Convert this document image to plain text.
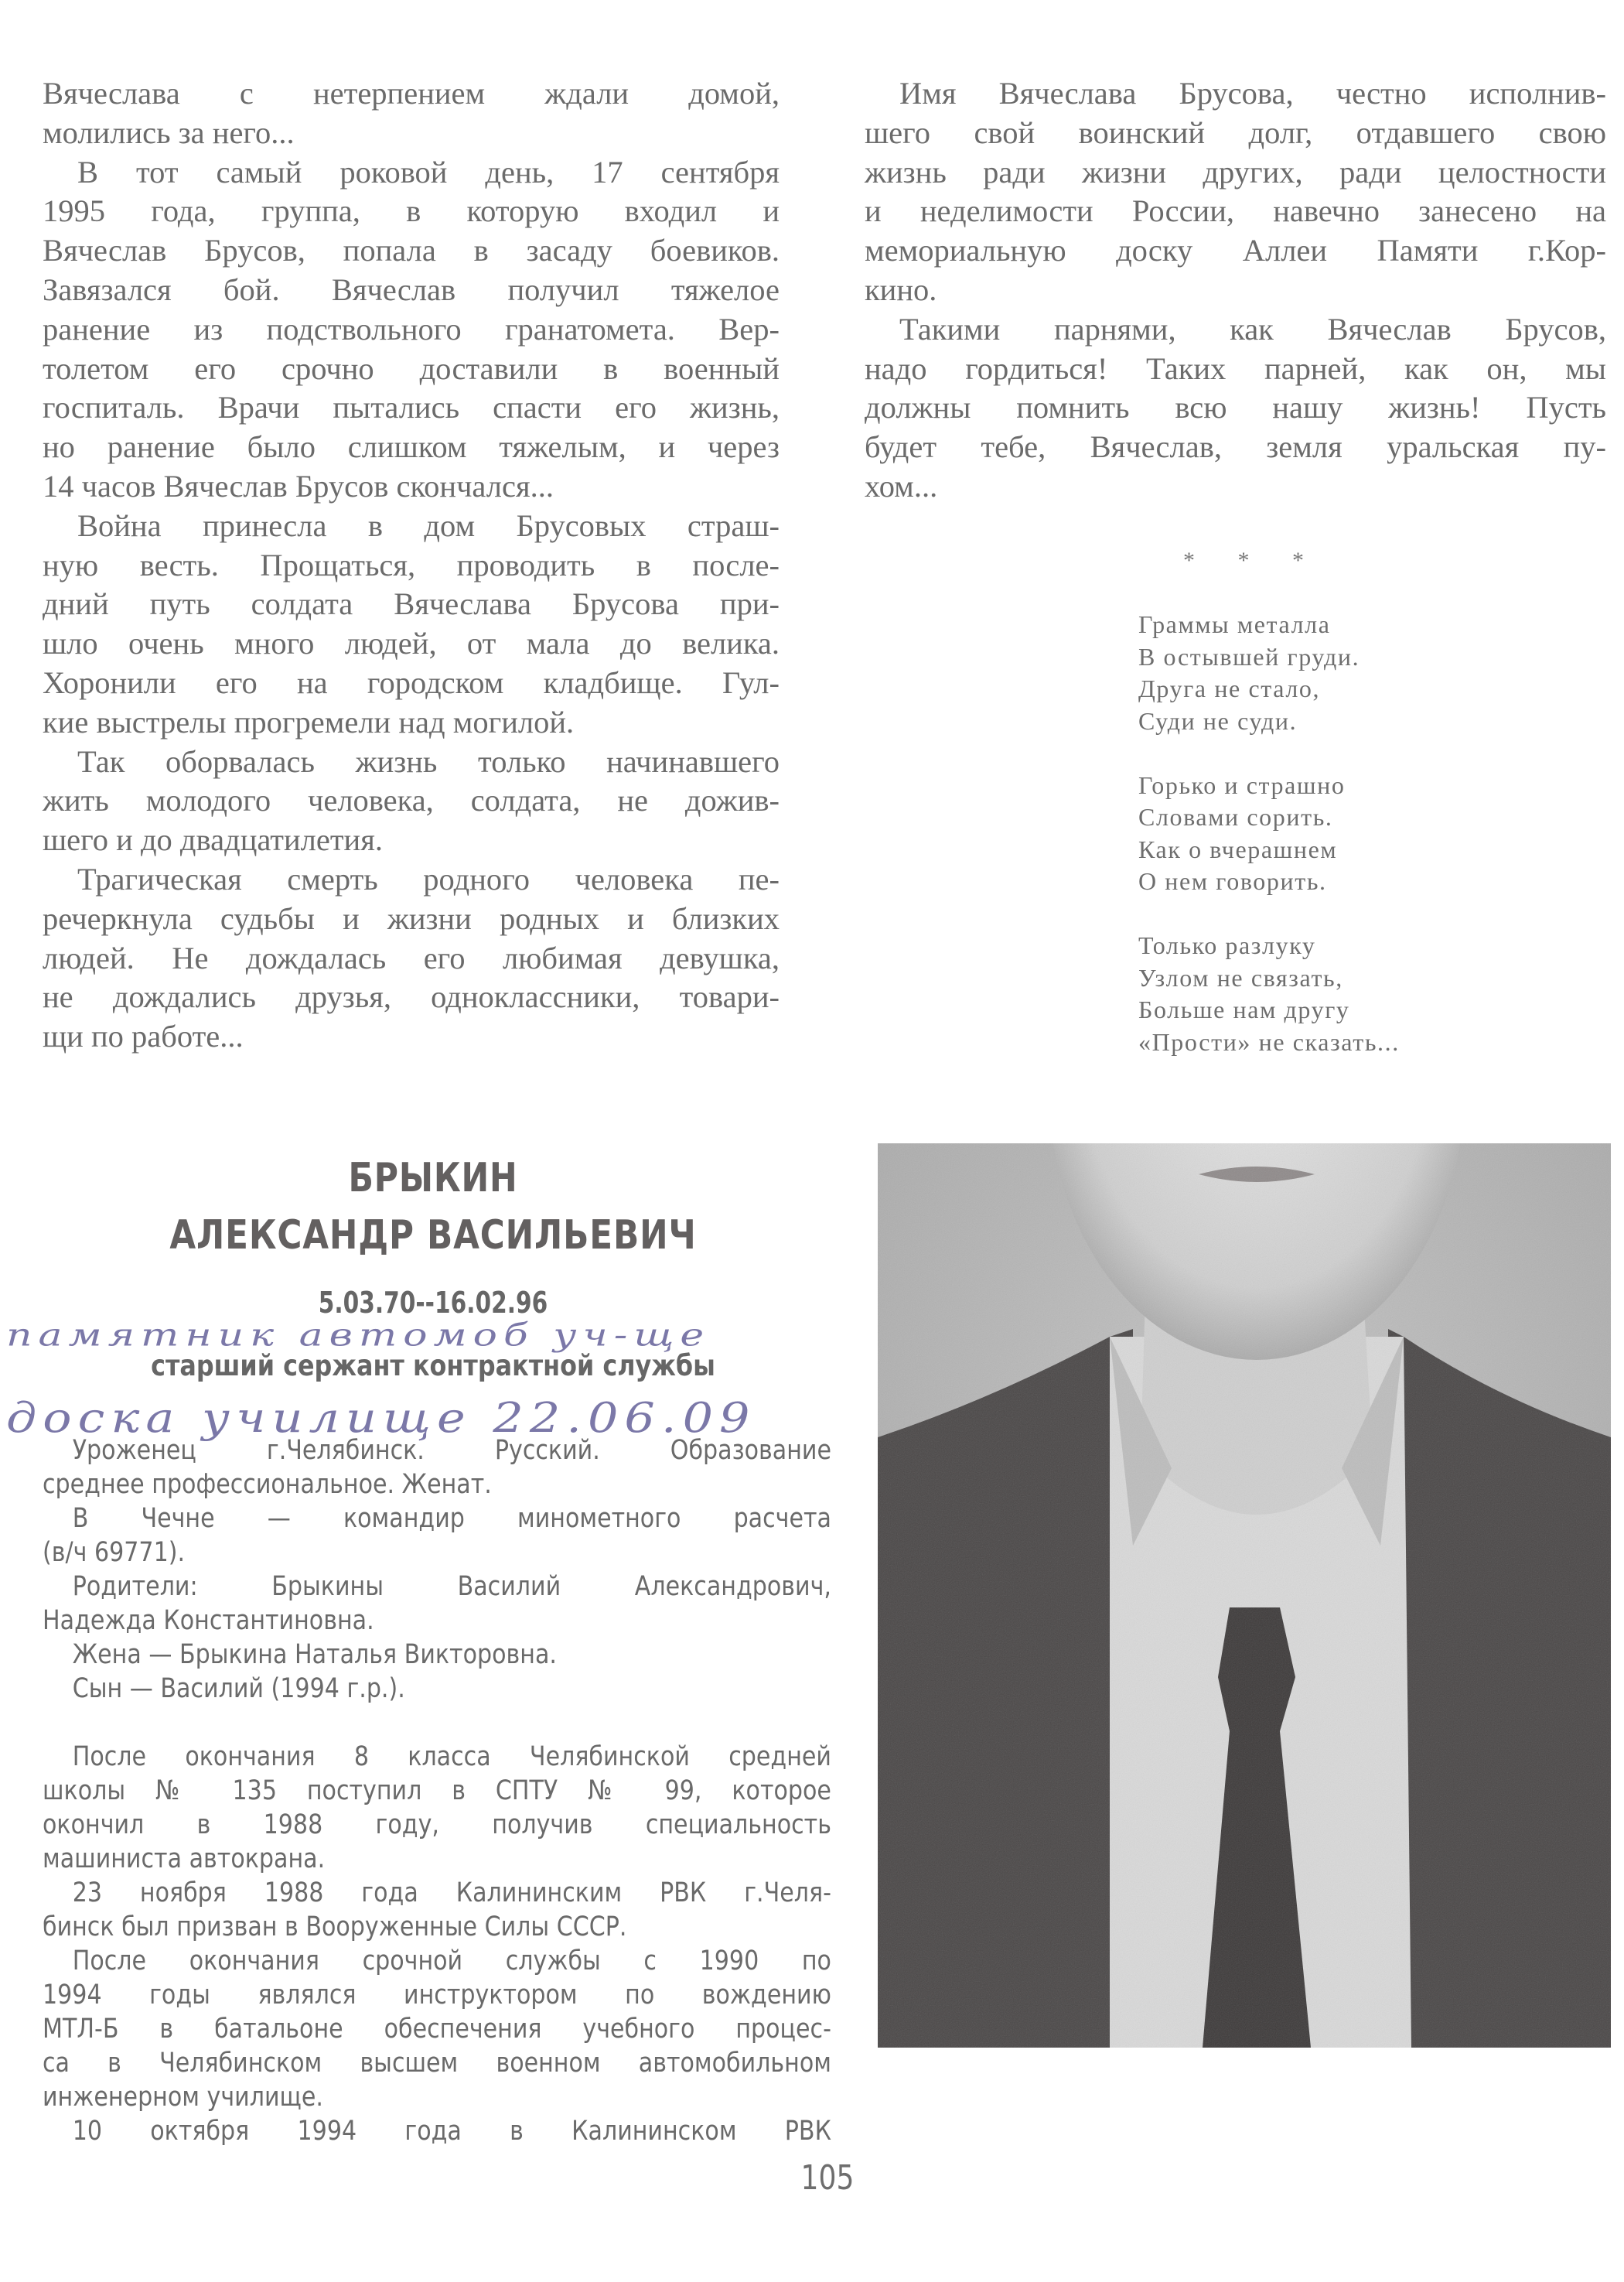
Вячеслава с нетерпением ждали домой,
молились за него...
В тот самый роковой день, 17 сентября
1995 года, группа, в которую входил и
Вячеслав Брусов, попала в засаду боевиков.
Завязался бой. Вячеслав получил тяжелое
ранение из подствольного гранатомета. Вер-
толетом его срочно доставили в военный
госпиталь. Врачи пытались спасти его жизнь,
но ранение было слишком тяжелым, и через
14 часов Вячеслав Брусов скончался...
Война принесла в дом Брусовых страш-
ную весть. Прощаться, проводить в после-
дний путь солдата Вячеслава Брусова при-
шло очень много людей, от мала до велика.
Хоронили его на городском кладбище. Гул-
кие выстрелы прогремели над могилой.
Так оборвалась жизнь только начинавшего
жить молодого человека, солдата, не дожив-
шего и до двадцатилетия.
Трагическая смерть родного человека пе-
речеркнула судьбы и жизни родных и близких
людей. Не дождалась его любимая девушка,
не дождались друзья, одноклассники, товари-
щи по работе...
Имя Вячеслава Брусова, честно исполнив-
шего свой воинский долг, отдавшего свою
жизнь ради жизни других, ради целостности
и неделимости России, навечно занесено на
мемориальную доску Аллеи Памяти г.Кор-
кино.
Такими парнями, как Вячеслав Брусов,
надо гордиться! Таких парней, как он, мы
должны помнить всю нашу жизнь! Пусть
будет тебе, Вячеслав, земля уральская пу-
хом...
* * *
Граммы металла
В остывшей груди.
Друга не стало,
Суди не суди.
Горько и страшно
Словами сорить.
Как о вчерашнем
О нем говорить.
Только разлуку
Узлом не связать,
Больше нам другу
«Прости» не сказать...
БРЫКИН
АЛЕКСАНДР ВАСИЛЬЕВИЧ
5.03.70--16.02.96
памятник автомоб уч-ще
старший сержант контрактной службы
доска училище 22.06.09
Уроженец г.Челябинск. Русский. Образование
среднее профессиональное. Женат.
В Чечне — командир минометного расчета
(в/ч 69771).
Родители: Брыкины Василий Александрович,
Надежда Константиновна.
Жена — Брыкина Наталья Викторовна.
Сын — Василий (1994 г.р.).
После окончания 8 класса Челябинской средней
школы № 135 поступил в СПТУ № 99, которое
окончил в 1988 году, получив специальность
машиниста автокрана.
23 ноября 1988 года Калининским РВК г.Челя-
бинск был призван в Вооруженные Силы СССР.
После окончания срочной службы с 1990 по
1994 годы являлся инструктором по вождению
МТЛ-Б в батальоне обеспечения учебного процес-
са в Челябинском высшем военном автомобильном
инженерном училище.
10 октября 1994 года в Калининском РВК
105
